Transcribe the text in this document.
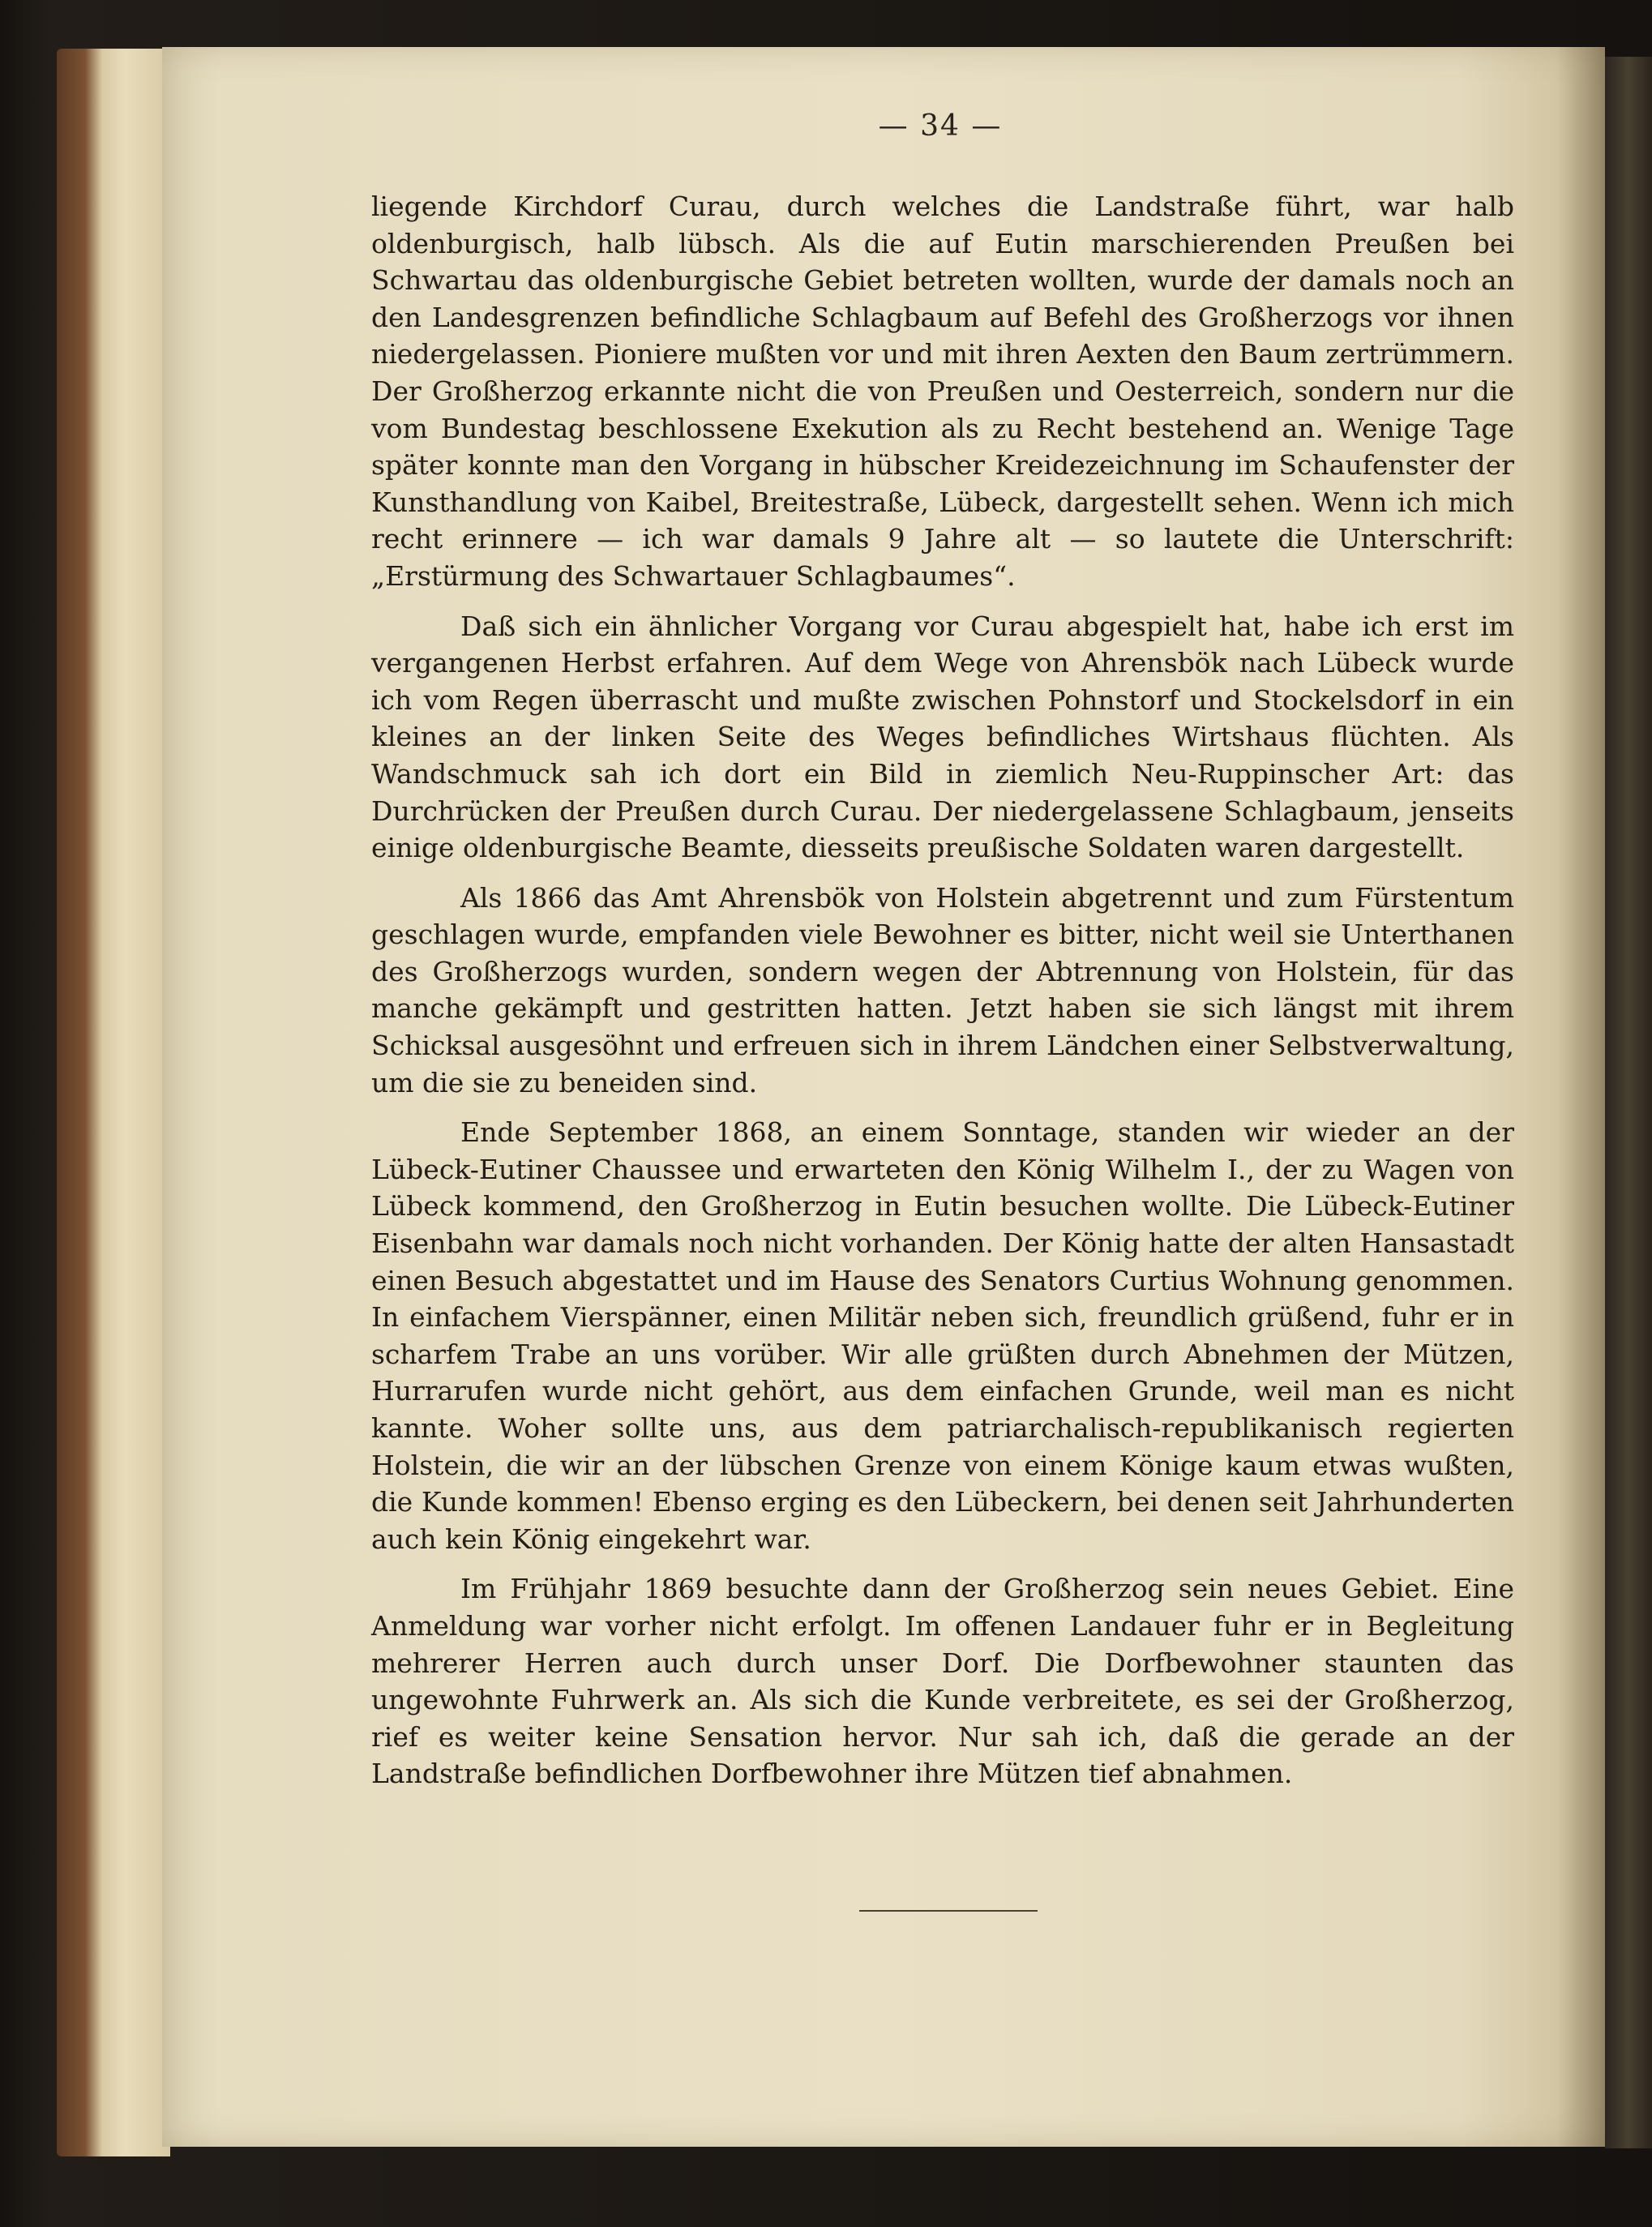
— 34 —

liegende Kirchdorf Curau, durch welches die Landstraße führt, war halb oldenburgisch, halb lübsch. Als die auf Eutin marschierenden Preußen bei Schwartau das oldenburgische Gebiet betreten wollten, wurde der damals noch an den Landesgrenzen befindliche Schlagbaum auf Befehl des Großherzogs vor ihnen niedergelassen. Pioniere mußten vor und mit ihren Aexten den Baum zertrümmern. Der Großherzog erkannte nicht die von Preußen und Oesterreich, sondern nur die vom Bundestag beschlossene Exekution als zu Recht bestehend an. Wenige Tage später konnte man den Vorgang in hübscher Kreidezeichnung im Schaufenster der Kunsthandlung von Kaibel, Breitestraße, Lübeck, dargestellt sehen. Wenn ich mich recht erinnere — ich war damals 9 Jahre alt — so lautete die Unterschrift: „Erstürmung des Schwartauer Schlagbaumes“.

Daß sich ein ähnlicher Vorgang vor Curau abgespielt hat, habe ich erst im vergangenen Herbst erfahren. Auf dem Wege von Ahrensbök nach Lübeck wurde ich vom Regen überrascht und mußte zwischen Pohnstorf und Stockelsdorf in ein kleines an der linken Seite des Weges befindliches Wirtshaus flüchten. Als Wandschmuck sah ich dort ein Bild in ziemlich Neu-Ruppinscher Art: das Durchrücken der Preußen durch Curau. Der niedergelassene Schlagbaum, jenseits einige oldenburgische Beamte, diesseits preußische Soldaten waren dargestellt.

Als 1866 das Amt Ahrensbök von Holstein abgetrennt und zum Fürstentum geschlagen wurde, empfanden viele Bewohner es bitter, nicht weil sie Unterthanen des Großherzogs wurden, sondern wegen der Abtrennung von Holstein, für das manche gekämpft und gestritten hatten. Jetzt haben sie sich längst mit ihrem Schicksal ausgesöhnt und erfreuen sich in ihrem Ländchen einer Selbstverwaltung, um die sie zu beneiden sind.

Ende September 1868, an einem Sonntage, standen wir wieder an der Lübeck-Eutiner Chaussee und erwarteten den König Wilhelm I., der zu Wagen von Lübeck kommend, den Großherzog in Eutin besuchen wollte. Die Lübeck-Eutiner Eisenbahn war damals noch nicht vorhanden. Der König hatte der alten Hansastadt einen Besuch abgestattet und im Hause des Senators Curtius Wohnung genommen. In einfachem Vierspänner, einen Militär neben sich, freundlich grüßend, fuhr er in scharfem Trabe an uns vorüber. Wir alle grüßten durch Abnehmen der Mützen, Hurrarufen wurde nicht gehört, aus dem einfachen Grunde, weil man es nicht kannte. Woher sollte uns, aus dem patriarchalisch-republikanisch regierten Holstein, die wir an der lübschen Grenze von einem Könige kaum etwas wußten, die Kunde kommen! Ebenso erging es den Lübeckern, bei denen seit Jahrhunderten auch kein König eingekehrt war.

Im Frühjahr 1869 besuchte dann der Großherzog sein neues Gebiet. Eine Anmeldung war vorher nicht erfolgt. Im offenen Landauer fuhr er in Begleitung mehrerer Herren auch durch unser Dorf. Die Dorfbewohner staunten das ungewohnte Fuhrwerk an. Als sich die Kunde verbreitete, es sei der Großherzog, rief es weiter keine Sensation hervor. Nur sah ich, daß die gerade an der Landstraße befindlichen Dorfbewohner ihre Mützen tief abnahmen.
